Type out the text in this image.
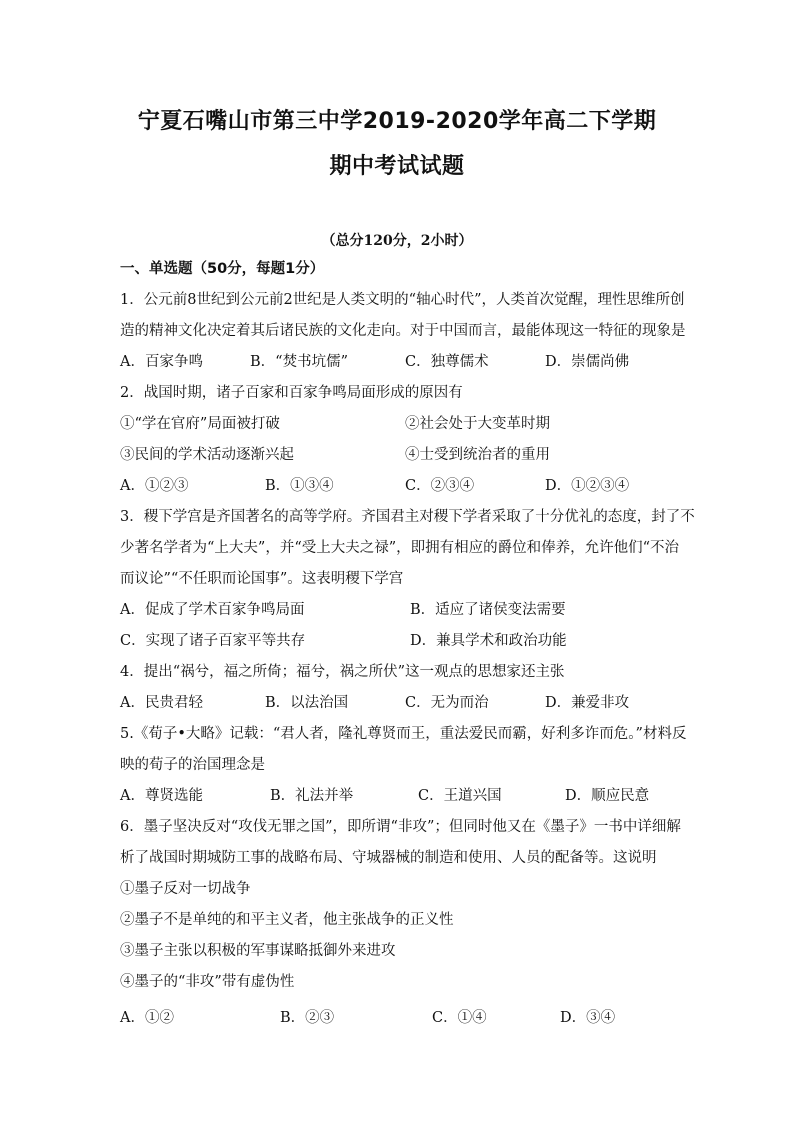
宁夏石嘴山市第三中学2019-2020学年高二下学期
期中考试试题
（总分120分，2小时）
一、单选题（50分，每题1分）
1．公元前8世纪到公元前2世纪是人类文明的“轴心时代”，人类首次觉醒，理性思维所创
造的精神文化决定着其后诸民族的文化走向。对于中国而言，最能体现这一特征的现象是
A．百家争鸣	B．“焚书坑儒”	C．独尊儒术	D．崇儒尚佛
2．战国时期，诸子百家和百家争鸣局面形成的原因有
①“学在官府”局面被打破	②社会处于大变革时期
③民间的学术活动逐渐兴起	④士受到统治者的重用
A．①②③	B．①③④	C．②③④	D．①②③④
3．稷下学宫是齐国著名的高等学府。齐国君主对稷下学者采取了十分优礼的态度，封了不
少著名学者为“上大夫”，并“受上大夫之禄”，即拥有相应的爵位和俸养，允许他们“不治
而议论”“不任职而论国事”。这表明稷下学宫
A．促成了学术百家争鸣局面	B．适应了诸侯变法需要
C．实现了诸子百家平等共存	D．兼具学术和政治功能
4．提出“祸兮，福之所倚；福兮，祸之所伏”这一观点的思想家还主张
A．民贵君轻	B．以法治国	C．无为而治	D．兼爱非攻
5.《荀子•大略》记载：“君人者，隆礼尊贤而王，重法爱民而霸，好利多诈而危。”材料反
映的荀子的治国理念是
A．尊贤选能	B．礼法并举	C．王道兴国	D．顺应民意
6．墨子坚决反对“攻伐无罪之国”，即所谓“非攻”；但同时他又在《墨子》一书中详细解
析了战国时期城防工事的战略布局、守城器械的制造和使用、人员的配备等。这说明
①墨子反对一切战争
②墨子不是单纯的和平主义者，他主张战争的正义性
③墨子主张以积极的军事谋略抵御外来进攻
④墨子的“非攻”带有虚伪性
A．①②	B．②③	C．①④	D．③④
